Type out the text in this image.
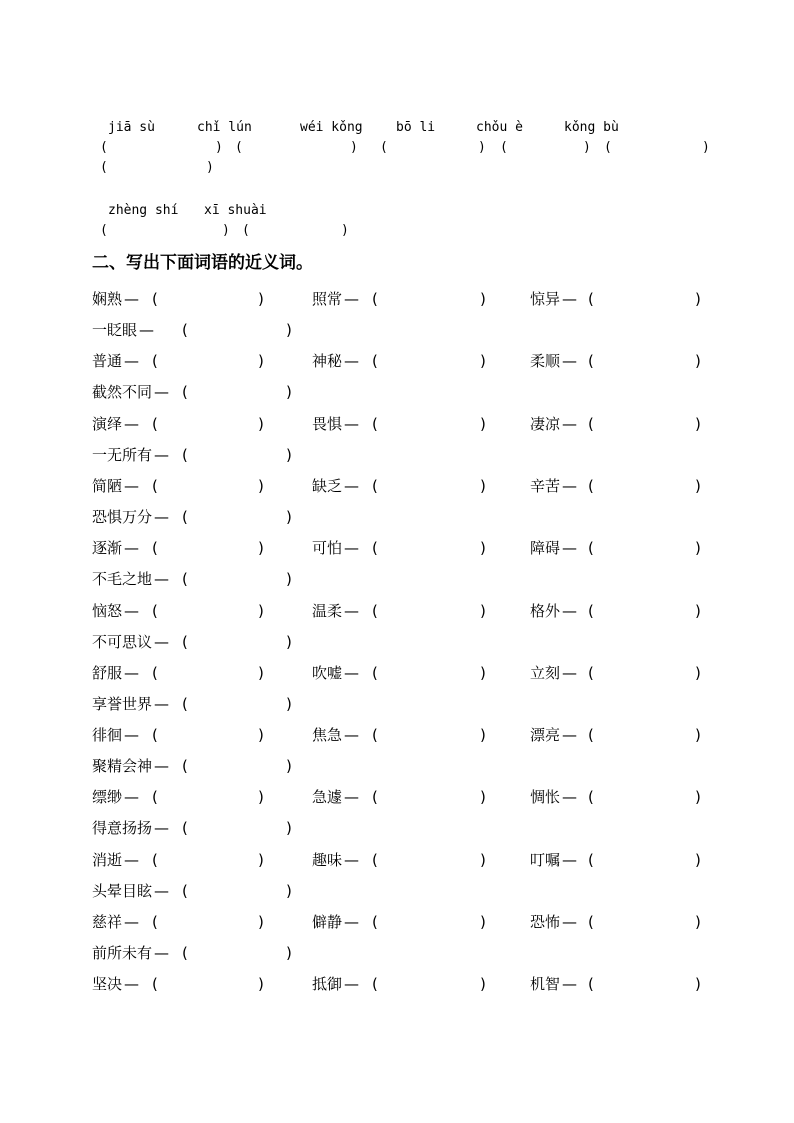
jiā sù	chǐ lún	wéi kǒng	bō li	chǒu è	kǒng bù
(	) (	) (	) (	) (	)
(	)
zhèng shí xī shuài
(	) (	)
二、写出下面词语的近义词。
娴熟 — (	)	照常 — (	)	惊异 — (	)
一眨眼 — (	)
普通 — (	)	神秘 — (	)	柔顺 — (	)
截然不同 — (	)
演绎 — (	)	畏惧 — (	)	凄凉 — (	)
一无所有 — (	)
简陋 — (	)	缺乏 — (	)	辛苦 — (	)
恐惧万分 — (	)
逐渐 — (	)	可怕 — (	)	障碍 — (	)
不毛之地 — (	)
恼怒 — (	)	温柔 — (	)	格外 — (	)
不可思议 — (	)
舒服 — (	)	吹嘘 — (	)	立刻 — (	)
享誉世界 — (	)
徘徊 — (	)	焦急 — (	)	漂亮 — (	)
聚精会神 — (	)
缥缈 — (	)	急遽 — (	)	惆怅 — (	)
得意扬扬 — (	)
消逝 — (	)	趣味 — (	)	叮嘱 — (	)
头晕目眩 — (	)
慈祥 — (	)	僻静 — (	)	恐怖 — (	)
前所未有 — (	)
坚决 — (	)	抵御 — (	)	机智 — (	)
